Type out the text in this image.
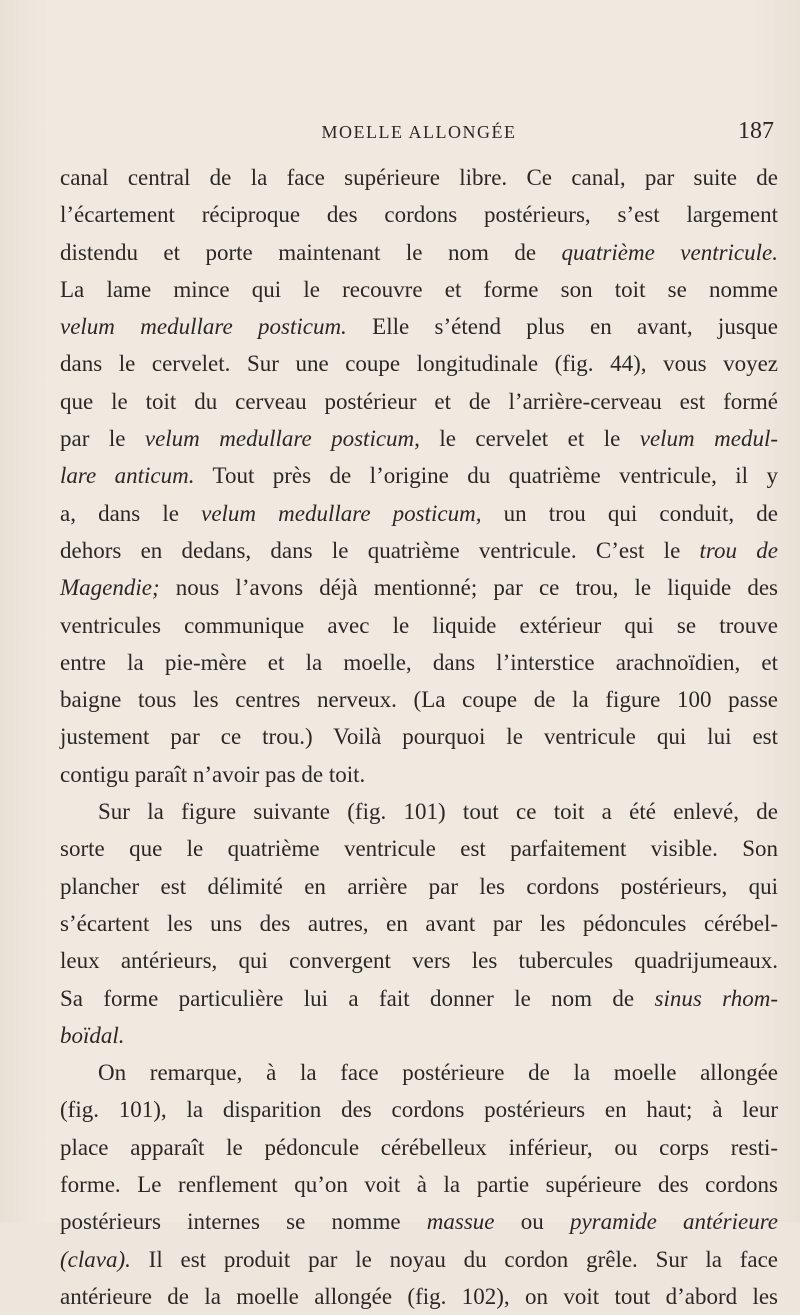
MOELLE ALLONGÉE	187
canal central de la face supérieure libre. Ce canal, par suite de
l’écartement réciproque des cordons postérieurs, s’est largement
distendu et porte maintenant le nom de quatrième ventricule.
La lame mince qui le recouvre et forme son toit se nomme
velum medullare posticum. Elle s’étend plus en avant, jusque
dans le cervelet. Sur une coupe longitudinale (fig. 44), vous voyez
que le toit du cerveau postérieur et de l’arrière-cerveau est formé
par le velum medullare posticum, le cervelet et le velum medul-
lare anticum. Tout près de l’origine du quatrième ventricule, il y
a, dans le velum medullare posticum, un trou qui conduit, de
dehors en dedans, dans le quatrième ventricule. C’est le trou de
Magendie; nous l’avons déjà mentionné; par ce trou, le liquide des
ventricules communique avec le liquide extérieur qui se trouve
entre la pie-mère et la moelle, dans l’interstice arachnoïdien, et
baigne tous les centres nerveux. (La coupe de la figure 100 passe
justement par ce trou.) Voilà pourquoi le ventricule qui lui est
contigu paraît n’avoir pas de toit.
Sur la figure suivante (fig. 101) tout ce toit a été enlevé, de
sorte que le quatrième ventricule est parfaitement visible. Son
plancher est délimité en arrière par les cordons postérieurs, qui
s’écartent les uns des autres, en avant par les pédoncules cérébel-
leux antérieurs, qui convergent vers les tubercules quadrijumeaux.
Sa forme particulière lui a fait donner le nom de sinus rhom-
boïdal.
On remarque, à la face postérieure de la moelle allongée
(fig. 101), la disparition des cordons postérieurs en haut; à leur
place apparaît le pédoncule cérébelleux inférieur, ou corps resti-
forme. Le renflement qu’on voit à la partie supérieure des cordons
postérieurs internes se nomme massue ou pyramide antérieure
(clava). Il est produit par le noyau du cordon grêle. Sur la face
antérieure de la moelle allongée (fig. 102), on voit tout d’abord les
